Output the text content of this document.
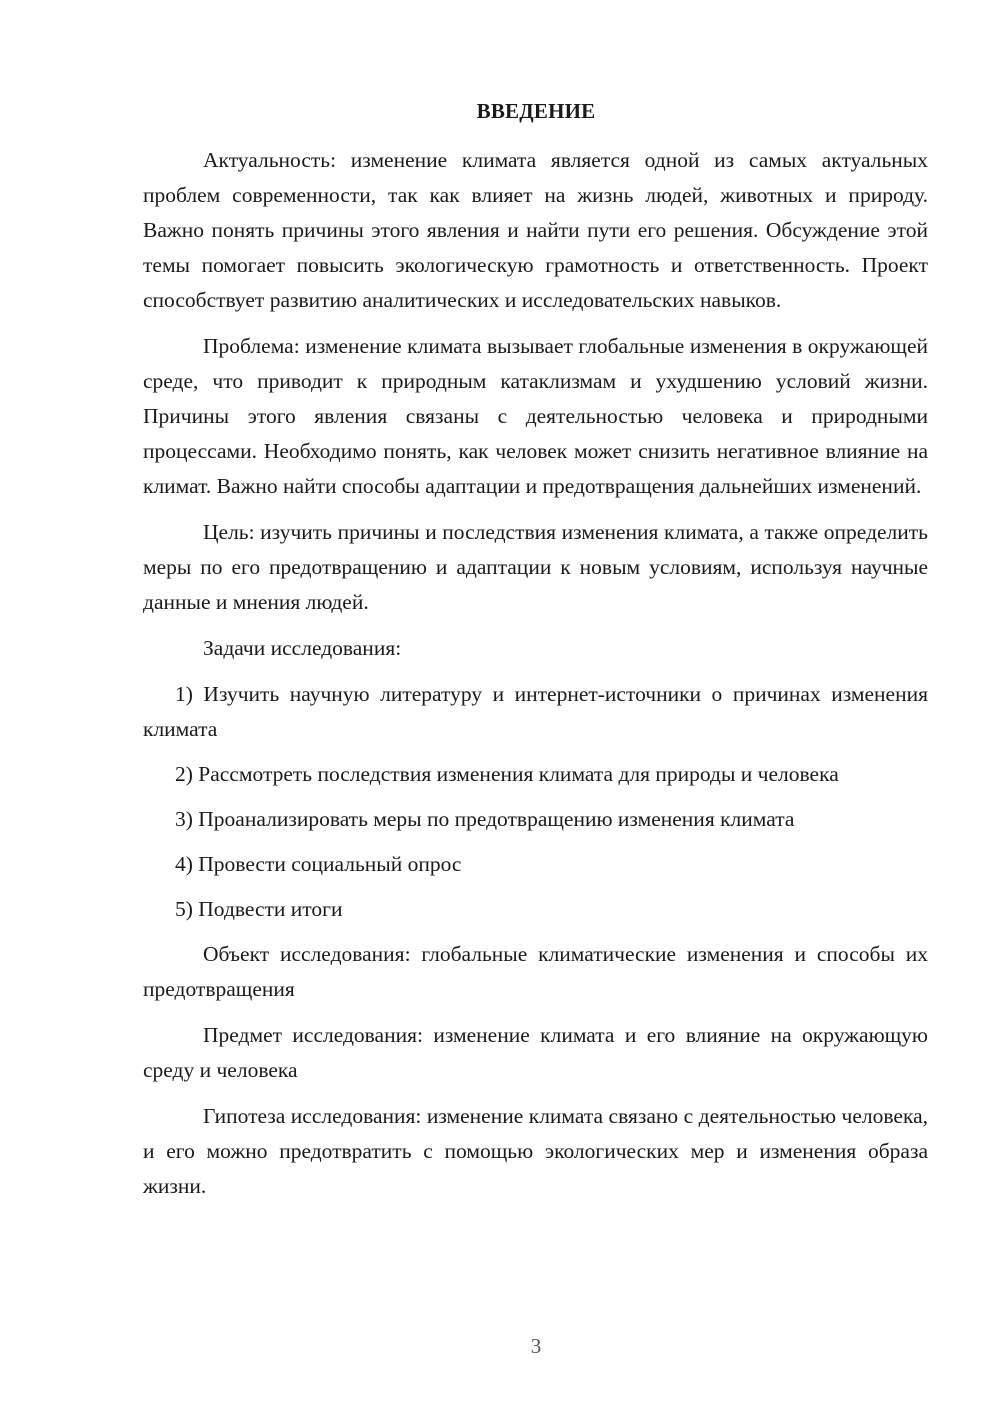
ВВЕДЕНИЕ

Актуальность: изменение климата является одной из самых актуальных проблем современности, так как влияет на жизнь людей, животных и природу. Важно понять причины этого явления и найти пути его решения. Обсуждение этой темы помогает повысить экологическую грамотность и ответственность. Проект способствует развитию аналитических и исследовательских навыков.

Проблема: изменение климата вызывает глобальные изменения в окружающей среде, что приводит к природным катаклизмам и ухудшению условий жизни. Причины этого явления связаны с деятельностью человека и природными процессами. Необходимо понять, как человек может снизить негативное влияние на климат. Важно найти способы адаптации и предотвращения дальнейших изменений.

Цель: изучить причины и последствия изменения климата, а также определить меры по его предотвращению и адаптации к новым условиям, используя научные данные и мнения людей.

Задачи исследования:

1) Изучить научную литературу и интернет-источники о причинах изменения климата

2) Рассмотреть последствия изменения климата для природы и человека

3) Проанализировать меры по предотвращению изменения климата

4) Провести социальный опрос

5) Подвести итоги

Объект исследования: глобальные климатические изменения и способы их предотвращения

Предмет исследования: изменение климата и его влияние на окружающую среду и человека

Гипотеза исследования: изменение климата связано с деятельностью человека, и его можно предотвратить с помощью экологических мер и изменения образа жизни.

3
